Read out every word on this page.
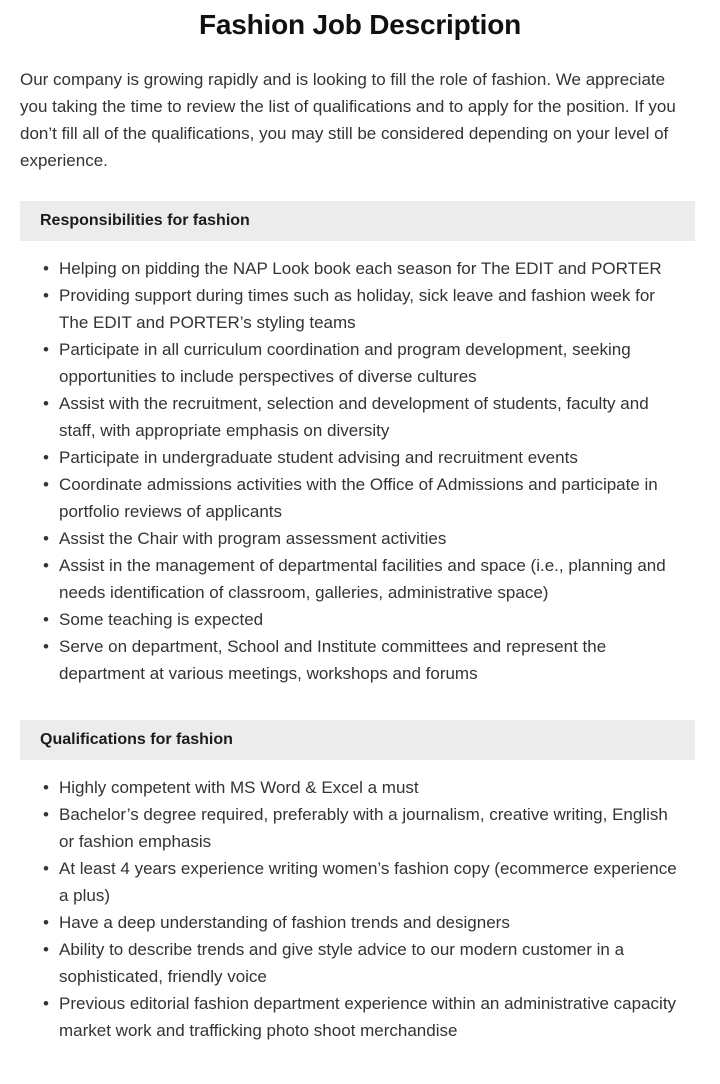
Fashion Job Description

Our company is growing rapidly and is looking to fill the role of fashion. We appreciate you taking the time to review the list of qualifications and to apply for the position. If you don’t fill all of the qualifications, you may still be considered depending on your level of experience.

Responsibilities for fashion
• Helping on pidding the NAP Look book each season for The EDIT and PORTER
• Providing support during times such as holiday, sick leave and fashion week for The EDIT and PORTER’s styling teams
• Participate in all curriculum coordination and program development, seeking opportunities to include perspectives of diverse cultures
• Assist with the recruitment, selection and development of students, faculty and staff, with appropriate emphasis on diversity
• Participate in undergraduate student advising and recruitment events
• Coordinate admissions activities with the Office of Admissions and participate in portfolio reviews of applicants
• Assist the Chair with program assessment activities
• Assist in the management of departmental facilities and space (i.e., planning and needs identification of classroom, galleries, administrative space)
• Some teaching is expected
• Serve on department, School and Institute committees and represent the department at various meetings, workshops and forums
Qualifications for fashion
• Highly competent with MS Word & Excel a must
• Bachelor’s degree required, preferably with a journalism, creative writing, English or fashion emphasis
• At least 4 years experience writing women’s fashion copy (ecommerce experience a plus)
• Have a deep understanding of fashion trends and designers
• Ability to describe trends and give style advice to our modern customer in a sophisticated, friendly voice
• Previous editorial fashion department experience within an administrative capacity market work and trafficking photo shoot merchandise
